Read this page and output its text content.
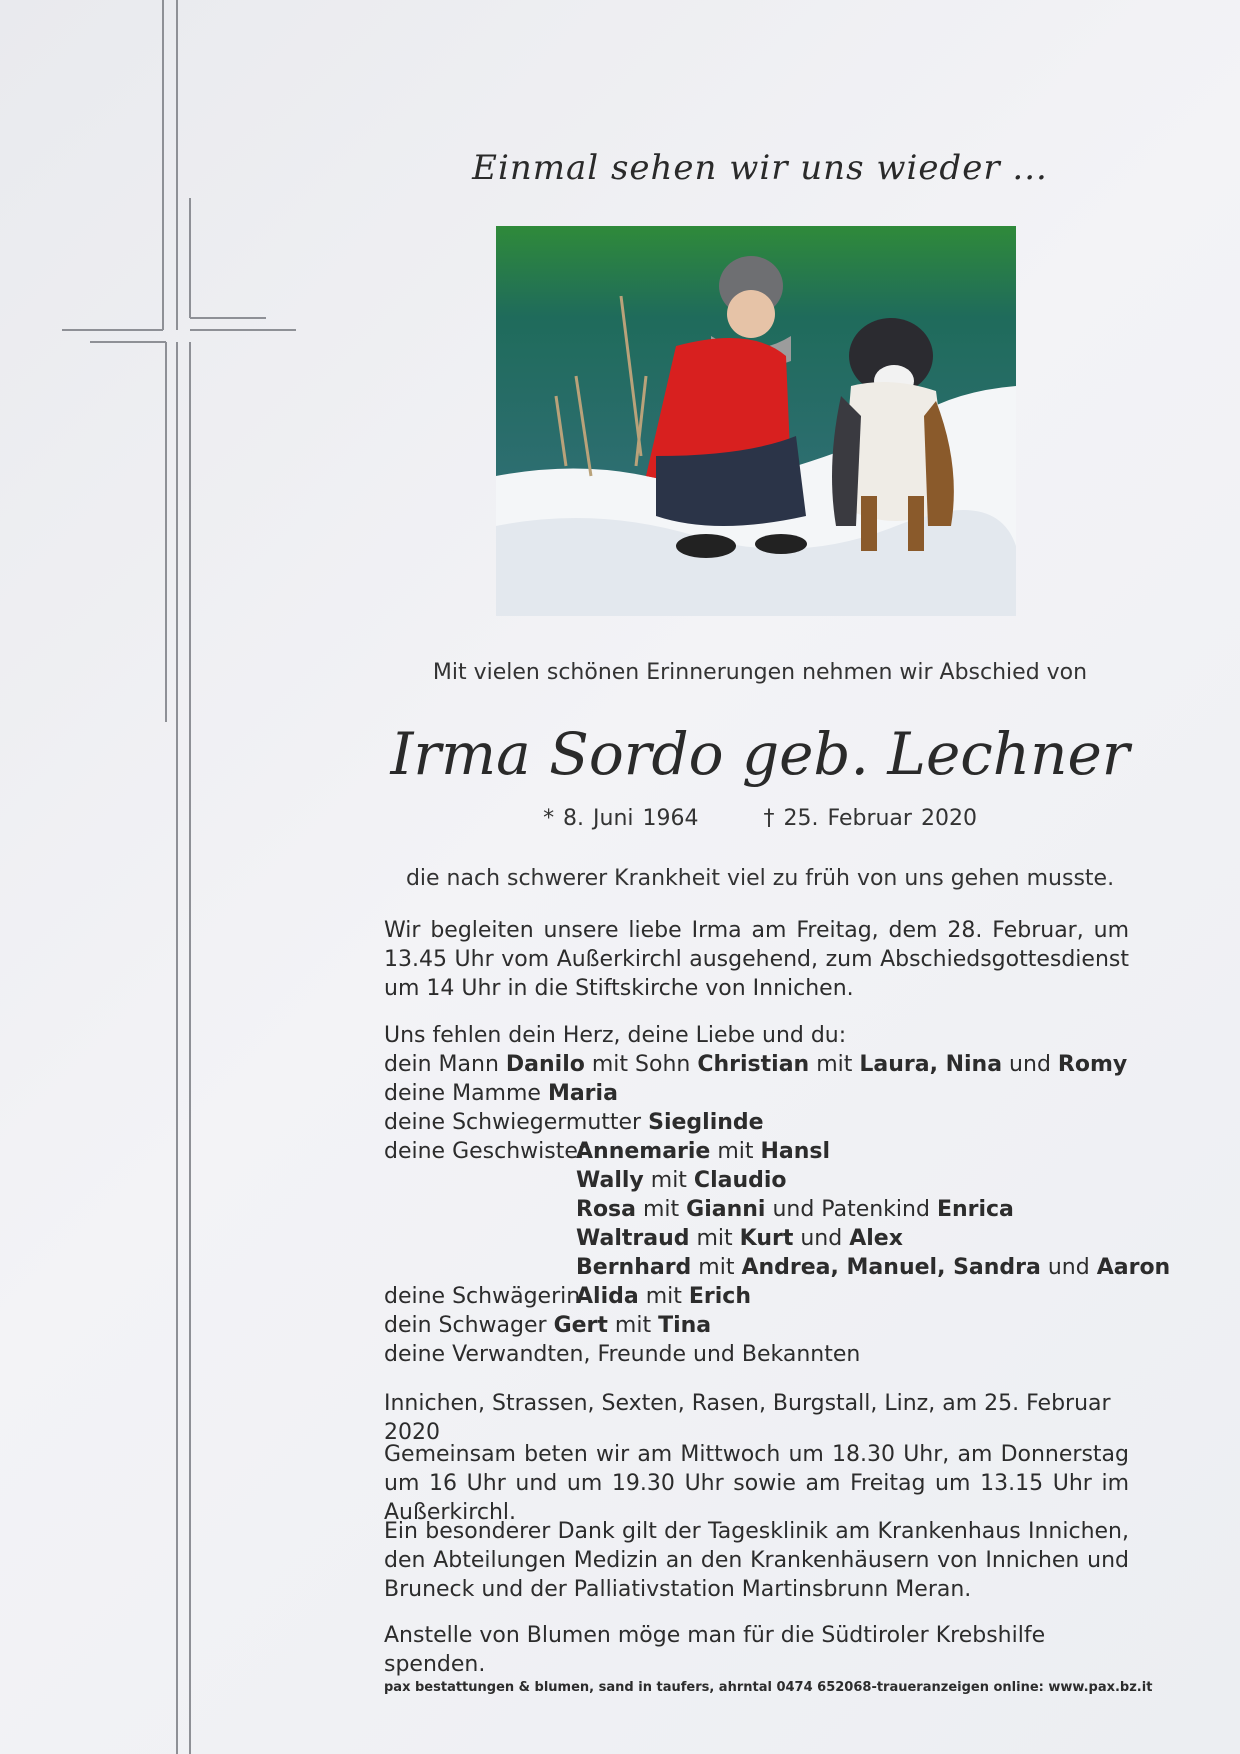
Einmal sehen wir uns wieder ...
Mit vielen schönen Erinnerungen nehmen wir Abschied von
Irma Sordo geb. Lechner
* 8. Juni 1964	† 25. Februar 2020
die nach schwerer Krankheit viel zu früh von uns gehen musste.
Wir begleiten unsere liebe Irma am Freitag, dem 28. Februar, um 13.45 Uhr vom Außerkirchl ausgehend, zum Abschiedsgottesdienst um 14 Uhr in die Stiftskirche von Innichen.
Uns fehlen dein Herz, deine Liebe und du:
dein Mann Danilo mit Sohn Christian mit Laura, Nina und Romy
deine Mamme Maria
deine Schwiegermutter Sieglinde
deine Geschwister
Annemarie mit Hansl
Wally mit Claudio
Rosa mit Gianni und Patenkind Enrica
Waltraud mit Kurt und Alex
Bernhard mit Andrea, Manuel, Sandra und Aaron
deine Schwägerin
Alida mit Erich
dein Schwager Gert mit Tina
deine Verwandten, Freunde und Bekannten
Innichen, Strassen, Sexten, Rasen, Burgstall, Linz, am 25. Februar 2020
Gemeinsam beten wir am Mittwoch um 18.30 Uhr, am Donnerstag um 16 Uhr und um 19.30 Uhr sowie am Freitag um 13.15 Uhr im Außerkirchl.
Ein besonderer Dank gilt der Tagesklinik am Krankenhaus Innichen, den Abteilungen Medizin an den Krankenhäusern von Innichen und Bruneck und der Palliativstation Martinsbrunn Meran.
Anstelle von Blumen möge man für die Südtiroler Krebshilfe spenden.
pax bestattungen & blumen, sand in taufers, ahrntal 0474 652068-traueranzeigen online: www.pax.bz.it
